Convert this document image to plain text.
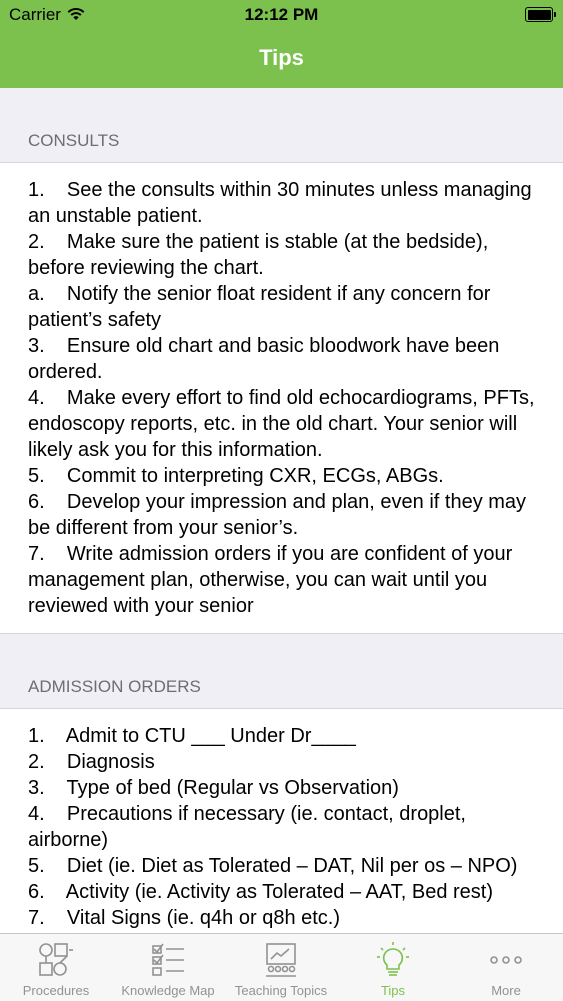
Carrier	12:12 PM
Tips
CONSULTS

1.    See the consults within 30 minutes unless managing an unstable patient.

2.    Make sure the patient is stable (at the bedside), before reviewing the chart.

a.    Notify the senior float resident if any concern for patient’s safety

3.    Ensure old chart and basic bloodwork have been ordered.

4.    Make every effort to find old echocardiograms, PFTs, endoscopy reports, etc. in the old chart. Your senior will likely ask you for this information.

5.    Commit to interpreting CXR, ECGs, ABGs.

6.    Develop your impression and plan, even if they may be different from your senior’s.

7.    Write admission orders if you are confident of your management plan, otherwise, you can wait until you reviewed with your senior

ADMISSION ORDERS

1.    Admit to CTU ___ Under Dr____

2.    Diagnosis

3.    Type of bed (Regular vs Observation)

4.    Precautions if necessary (ie. contact, droplet, airborne)

5.    Diet (ie. Diet as Tolerated – DAT, Nil per os – NPO)

6.    Activity (ie. Activity as Tolerated – AAT, Bed rest)

7.    Vital Signs (ie. q4h or q8h etc.)

Procedures	Knowledge Map	Teaching Topics	Tips	More
